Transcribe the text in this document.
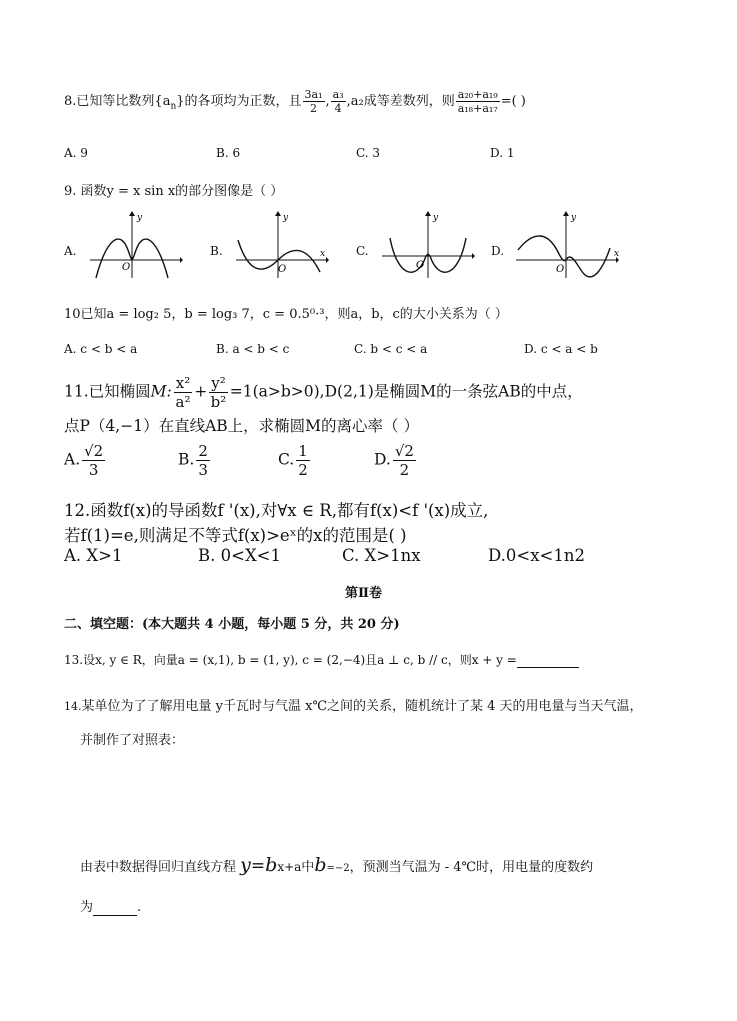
8.已知等比数列$\{a_n\}$的各项均为正数，且 $\frac{\text{3a₁}}{2}$ , $\frac{\text{a₃}}{4} ,a_2$成等差数列，则 $\frac{\text{a₂₀+a₁₉}}{\text{a₁₈+a₁₇}}$ =( )
A. 9	B. 6	C. 3	D. 1
9. 函数y = x sin x的部分图像是（ ）
A.
y
O
B.
y
x
O
C.
y
O
D.
y
x
O
10已知a = log₂ 5，b = log₃ 7，c = 0.5⁰·³，则a，b，c的大小关系为（ ）
A. c < b < a	B. a < b < c	C. b < c < a	D. c < a < b
11.已知椭圆M: $\frac{\text{x²}}{\text{a²}} + \frac{\text{y²}}{\text{b²}} =1(a>b>0),D(2,1)$是椭圆M的一条弦AB的中点，
点P（4,−1）在直线AB上，求椭圆M的离心率（ ）
A. $\frac{√2}{3}$	B. $\frac{2}{3}$	C. $\frac{1}{2}$	D. $\frac{√2}{2}$
12.函数f(x)的导函数f '(x),对∀x ∈ R,都有f(x)<f '(x)成立,
若f(1)=e,则满足不等式f(x)>eˣ的x的范围是( )
A. X>1	B. 0<X<1	C. X>1nx	D.0<x<1n2
第Ⅱ卷
二、填空题：(本大题共 4 小题，每小题 5 分，共 20 分)
13.设x, y ∈ R，向量a = (x,1), b = (1, y), c = (2,−4)且a ⊥ c, b // c，则x + y =
14.某单位为了了解用电量 y千瓦时与气温 x℃之间的关系，随机统计了某 4 天的用电量与当天气温，
并制作了对照表：
由表中数据得回归直线方程 y=bx+a中b=−2，预测当气温为 - 4℃时，用电量的度数约
为	.
